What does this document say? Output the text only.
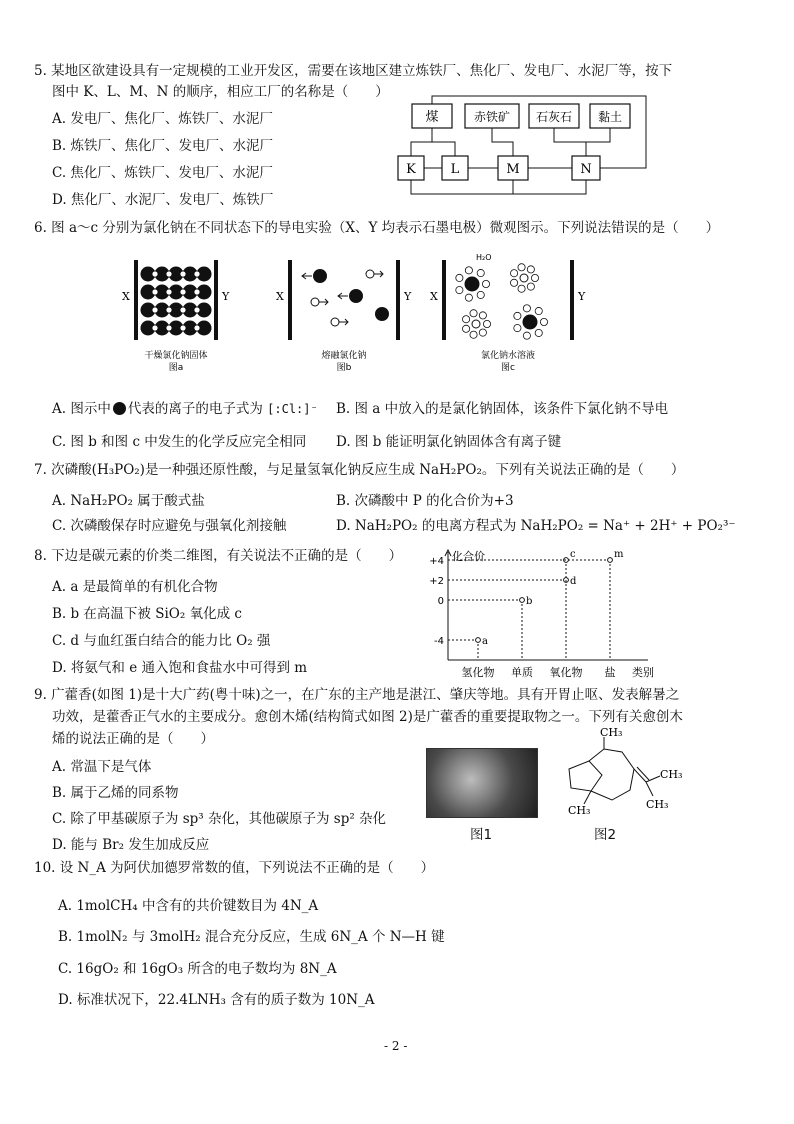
5. 某地区欲建设具有一定规模的工业开发区，需要在该地区建立炼铁厂、焦化厂、发电厂、水泥厂等，按下
图中 K、L、M、N 的顺序，相应工厂的名称是（　　）
A. 发电厂、焦化厂、炼铁厂、水泥厂
B. 炼铁厂、焦化厂、发电厂、水泥厂
C. 焦化厂、炼铁厂、发电厂、水泥厂
D. 焦化厂、水泥厂、发电厂、炼铁厂
煤	赤铁矿 石灰石 黏土
K	L	M	N
6. 图 a～c 分别为氯化钠在不同状态下的导电实验（X、Y 均表示石墨电极）微观图示。下列说法错误的是（　　）
X	Y
干燥氯化钠固体
图a
X	Y
熔融氯化钠
图b
X	Y
H₂O
氯化钠水溶液
图c
A. 图示中 代表的离子的电子式为 [:Cl:]⁻ B. 图 a 中放入的是氯化钠固体，该条件下氯化钠不导电
C. 图 b 和图 c 中发生的化学反应完全相同 D. 图 b 能证明氯化钠固体含有离子键
7. 次磷酸(H₃PO₂)是一种强还原性酸，与足量氢氧化钠反应生成 NaH₂PO₂。下列有关说法正确的是（　　）
A. NaH₂PO₂ 属于酸式盐	B. 次磷酸中 P 的化合价为+3
C. 次磷酸保存时应避免与强氧化剂接触	D. NaH₂PO₂ 的电离方程式为 NaH₂PO₂ = Na⁺ + 2H⁺ + PO₂³⁻
8. 下边是碳元素的价类二维图，有关说法不正确的是（　　）
A. a 是最简单的有机化合物
B. b 在高温下被 SiO₂ 氧化成 c
C. d 与血红蛋白结合的能力比 O₂ 强
D. 将氨气和 e 通入饱和食盐水中可得到 m
化合价
类别
+4
+2
0
-4
氢化物 单质 氧化物 盐
a
b
d
c	m
9. 广藿香(如图 1)是十大广药(粤十味)之一，在广东的主产地是湛江、肇庆等地。具有开胃止呕、发表解暑之
功效，是藿香正气水的主要成分。愈创木烯(结构简式如图 2)是广藿香的重要提取物之一。下列有关愈创木
烯的说法正确的是（　　）
A. 常温下是气体
B. 属于乙烯的同系物
C. 除了甲基碳原子为 sp³ 杂化，其他碳原子为 sp² 杂化
D. 能与 Br₂ 发生加成反应
图1
CH₃
CH₃
CH₃
CH₃
图2
10. 设 N_A 为阿伏加德罗常数的值，下列说法不正确的是（　　）
A. 1molCH₄ 中含有的共价键数目为 4N_A
B. 1molN₂ 与 3molH₂ 混合充分反应，生成 6N_A 个 N—H 键
C. 16gO₂ 和 16gO₃ 所含的电子数均为 8N_A
D. 标准状况下，22.4LNH₃ 含有的质子数为 10N_A
- 2 -
